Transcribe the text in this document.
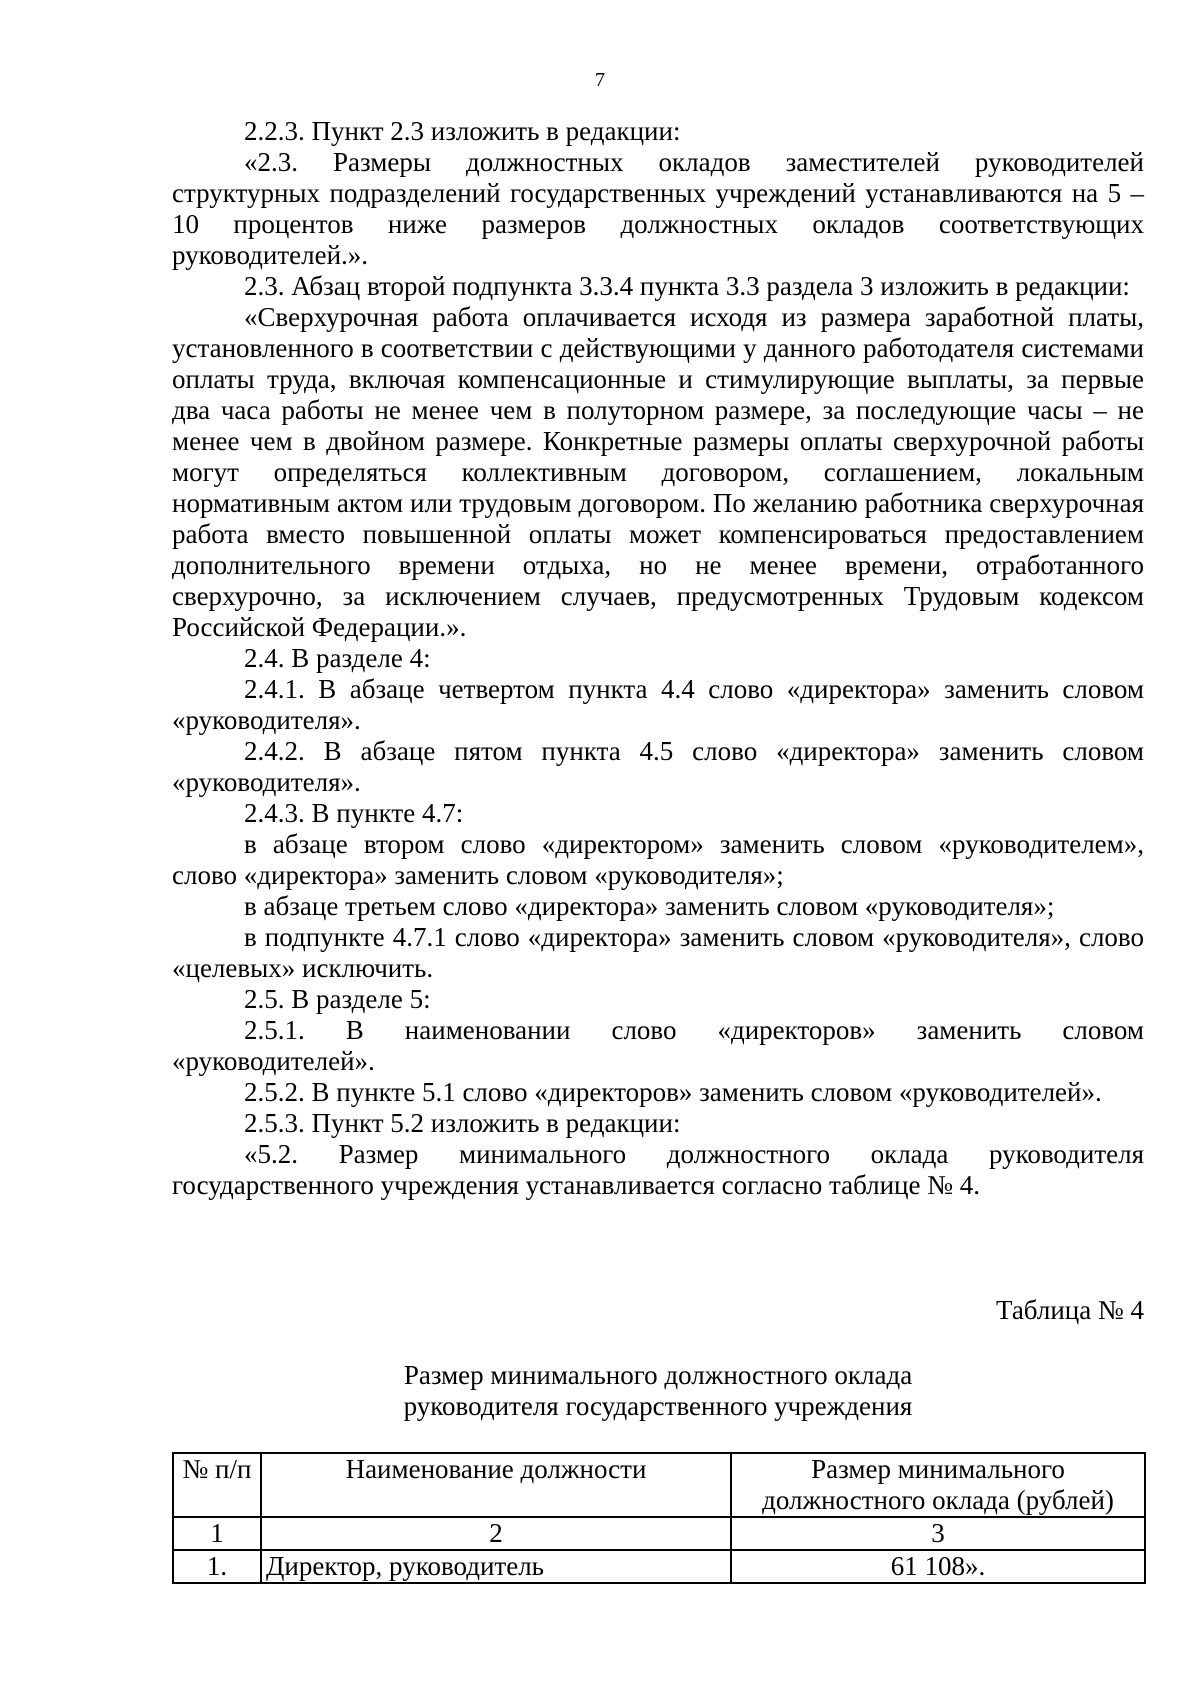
7

2.2.3. Пункт 2.3 изложить в редакции:

«2.3. Размеры должностных окладов заместителей руководителей структурных подразделений государственных учреждений устанавливаются на 5 – 10 процентов ниже размеров должностных окладов соответствующих руководителей.».

2.3. Абзац второй подпункта 3.3.4 пункта 3.3 раздела 3 изложить в редакции:

«Сверхурочная работа оплачивается исходя из размера заработной платы, установленного в соответствии с действующими у данного работодателя системами оплаты труда, включая компенсационные и стимулирующие выплаты, за первые два часа работы не менее чем в полуторном размере, за последующие часы – не менее чем в двойном размере. Конкретные размеры оплаты сверхурочной работы могут определяться коллективным договором, соглашением, локальным нормативным актом или трудовым договором. По желанию работника сверхурочная работа вместо повышенной оплаты может компенсироваться предоставлением дополнительного времени отдыха, но не менее времени, отработанного сверхурочно, за исключением случаев, предусмотренных Трудовым кодексом Российской Федерации.».

2.4. В разделе 4:

2.4.1. В абзаце четвертом пункта 4.4 слово «директора» заменить словом «руководителя».

2.4.2. В абзаце пятом пункта 4.5 слово «директора» заменить словом «руководителя».

2.4.3. В пункте 4.7:

в абзаце втором слово «директором» заменить словом «руководителем», слово «директора» заменить словом «руководителя»;

в абзаце третьем слово «директора» заменить словом «руководителя»;

в подпункте 4.7.1 слово «директора» заменить словом «руководителя», слово «целевых» исключить.

2.5. В разделе 5:

2.5.1. В наименовании слово «директоров» заменить словом «руководителей».

2.5.2. В пункте 5.1 слово «директоров» заменить словом «руководителей».

2.5.3. Пункт 5.2 изложить в редакции:

«5.2. Размер минимального должностного оклада руководителя государственного учреждения устанавливается согласно таблице № 4.

Таблица № 4
Размер минимального должностного оклада
руководителя государственного учреждения
№ п/п	Наименование должности	Размер минимального должностного оклада (рублей)
1	2	3
1.	Директор, руководитель	61 108».
